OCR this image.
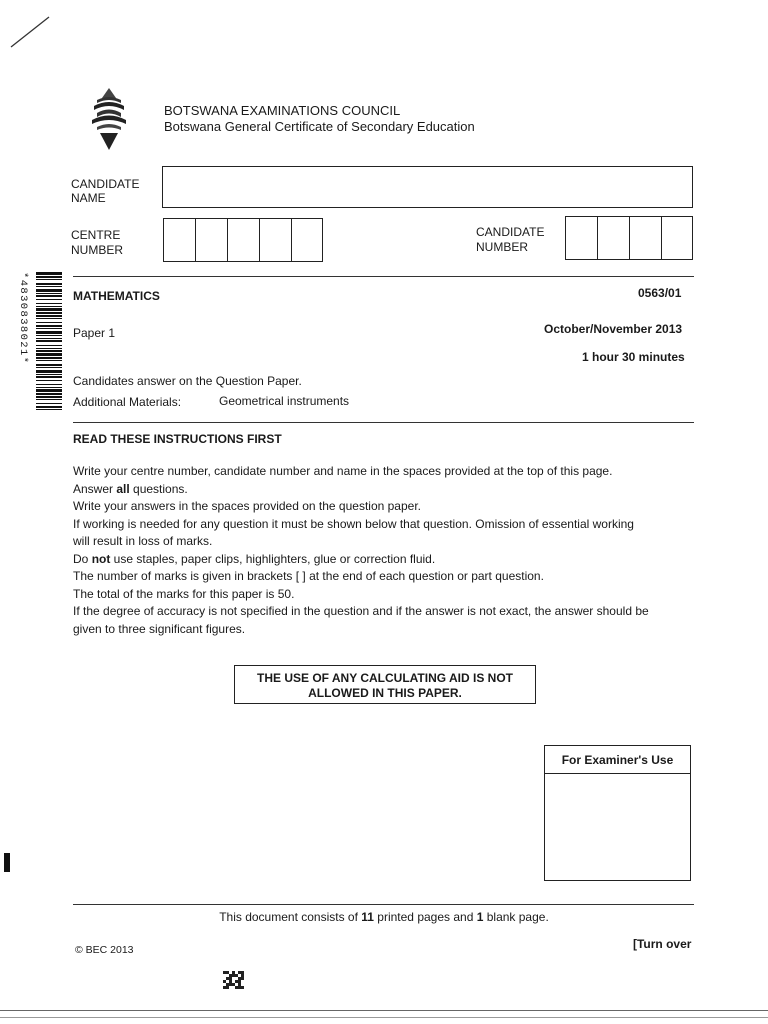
BOTSWANA EXAMINATIONS COUNCIL
Botswana General Certificate of Secondary Education
CANDIDATE
NAME
CENTRE
NUMBER
CANDIDATE
NUMBER
*4830838021*	MATHEMATICS	0563/01
Paper 1	October/November 2013
1 hour 30 minutes
Candidates answer on the Question Paper.
Additional Materials:	Geometrical instruments
READ THESE INSTRUCTIONS FIRST
Write your centre number, candidate number and name in the spaces provided at the top of this page.
Answer all questions.
Write your answers in the spaces provided on the question paper.
If working is needed for any question it must be shown below that question. Omission of essential working
will result in loss of marks.
Do not use staples, paper clips, highlighters, glue or correction fluid.
The number of marks is given in brackets [ ] at the end of each question or part question.
The total of the marks for this paper is 50.
If the degree of accuracy is not specified in the question and if the answer is not exact, the answer should be
given to three significant figures.
THE USE OF ANY CALCULATING AID IS NOT
ALLOWED IN THIS PAPER.
For Examiner's Use
This document consists of 11 printed pages and 1 blank page.
© BEC 2013	[Turn over
